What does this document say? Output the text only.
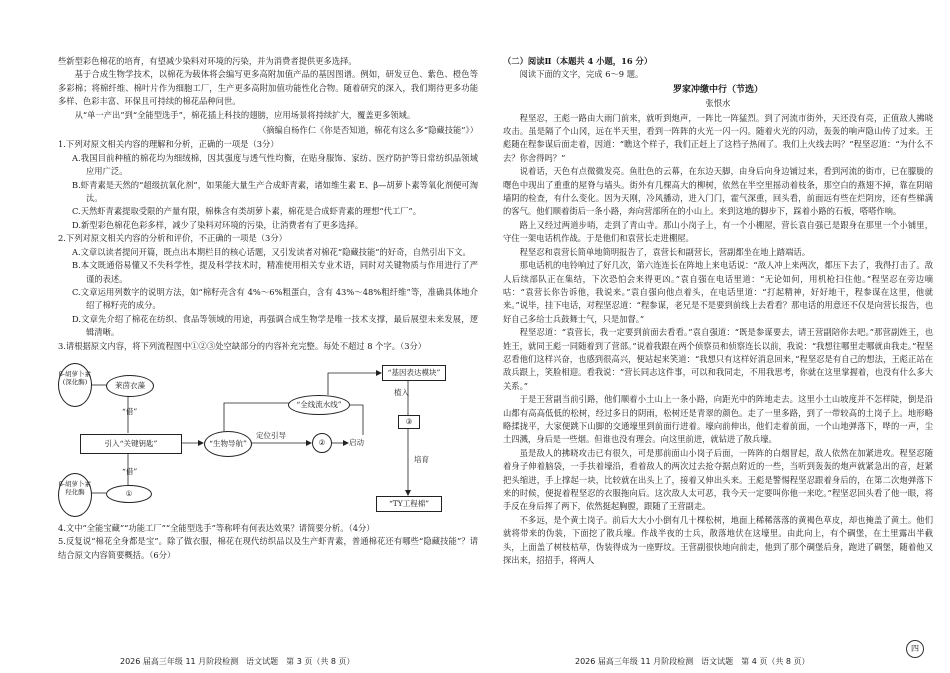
些新型彩色棉花的培育，有望减少染料对环境的污染，并为消费者提供更多选择。

基于合成生物学技术，以棉花为载体将会编写更多高附加值产品的基因图谱。例如，研发豆色、紫色、橙色等多彩棉；将棉纤维、棉叶片作为细胞工厂，生产更多高附加值功能性化合物。随着研究的深入，我们期待更多功能多样、色彩丰富、环保且可持续的棉花品种问世。

从“单一产出”到“全能型选手”，棉花插上科技的翅膀，应用场景将持续扩大，覆盖更多领域。

（摘编自杨作仁《你是否知道，棉花有这么多“隐藏技能”》）

1.下列对原文相关内容的理解和分析，正确的一项是（3分）

A.我国目前种植的棉花均为细绒棉，因其强度与透气性均衡，在贴身服饰、家纺、医疗防护等日常纺织品领域应用广泛。

B.虾青素是天然的“超级抗氧化剂”，如果能大量生产合成虾青素，诸如维生素 E、β—胡萝卜素等氧化剂便可淘汰。

C.天然虾青素提取受限的产量有限，棉株含有类胡萝卜素，棉花是合成虾青素的理想“代工厂”。

D.新型彩色棉花色彩多样，减少了染料对环境的污染，让消费者有了更多选择。

2.下列对原文相关内容的分析和评价，不正确的一项是（3分）

A.文章以读者提问开篇，既点出本期栏目的核心话题，又引发读者对棉花“隐藏技能”的好奇，自然引出下文。

B.本文既通俗易懂又不失科学性，提及科学技术时，精准使用相关专业术语，同时对关键物质与作用进行了严谨的表述。

C.文章运用列数字的说明方法，如“棉籽壳含有 4%～6%粗蛋白，含有 43%～48%粗纤维”等，准确具体地介绍了棉籽壳的成分。

D.文章先介绍了棉花在纺织、食品等领域的用途，再强调合成生物学是唯一技术支撑，最后展望未来发展，逻辑清晰。

3.请根据原文内容，将下列流程图中①②③处空缺部分的内容补充完整。每处不超过 8 个字。（3分）

β-胡萝卜素(深化酶)	莱茵衣藻
“借”
引入“关键钥匙”	“生物导航”
定位引导
②	启动
“全线流水线”
“基因表达模块”
植入
③
培育
“TY工程棉”
“借”
①
β-胡萝卜素羟化酶

4.文中“全能宝藏”“功能工厂”“全能型选手”等称呼有何表达效果？请简要分析。（4分）

5.反复说“棉花全身都是宝”。除了做衣服，棉花在现代纺织品以及生产虾青素，普通棉花还有哪些“隐藏技能”？请结合原文内容简要概括。（6分）

（二）阅读Ⅱ（本题共 4 小题，16 分）

阅读下面的文字，完成 6～9 题。

罗家冲缴中行（节选）

张恨水

程坚忍，王彪一路由大雨门前来，就听到炮声，一阵比一阵猛烈。到了河流市街外，天还没有亮，正值敌人拂晓攻击。虽是隔了个山冈，远在半天里，看到一阵阵的火光一闪一闪。随着火光的闪动，轰轰的响声隐山传了过来。王彪随在程参谋后面走着，因道：“瞧这个样子，我们正赶上了这档子热闹了。我们上火线去吗？”程坚忍道：“为什么不去？你舍得吗？”

说着话，天色有点微微发亮。鱼肚色的云幕，在东边天脚，由身后向身边铺过来，看到河流的街市，已在朦胧的曙色中现出了重重的屋脊与墙头。街外有几棵高大的柳树，依然在半空里摇动着枝条，那空白的燕翅不掉，靠在阴暗墙阴的检查，有什么变化。因为天刚，冷风播动，进入门门，霍气深重，回头看，前面远有些在烂阴房，还有些梯满的客气。他们顺着街后一条小路，奔向营部所在的小山上。来到这地的脚步下，踩着小路的石板，嗒嗒作响。

路上又经过两道步哨，走到了青山寺。那山小岗子上，有一个小棚屋，营长袁自强已是跟身在那里一个小铺里，守住一架电话机作战。于是他们和袁营长走进棚屋。

程坚忍和袁营长简单地简明报告了，袁营长和副营长，营副都坐在地上踏端话。

那电话机的电铃响过了好几次，第六连连长在阵地上来电话说：“敌人冲上来两次，都压下去了，我得打击了。敌人后续部队正在集结，下次恐怕会来得更凶。”袁自强在电话里道：“无论如何，用机枪扫住他。”程坚忍在旁边嘀咕：“袁营长你告诉他，我说来。”袁自强向他点着头，在电话里道：“打起精神，好好地干，程参谋在这里，他就来。”说毕，挂下电话，对程坚忍道：“程参谋，老兄是不是要到前线上去看看？那电话的用意还不仅是向营长报告，也好自己多给士兵鼓舞士气，只是加督。”

程坚忍道：“袁营长，我一定要到前面去看看。”袁自强道：“既是参谋要去，请王营副陪你去吧。”那营副姓王，也姓王，就同王彪一同随着到了营部。”说着我跟在两个侦察员和侦察连长以前，我说：“我想往哪里走哪就由我走。”程坚忍看他们这样兴奋，也感到很高兴，便站起来笑道：“我想只有这样好消息回来，”程坚忍是有自己的想法，王彪正站在敌兵跟上，笑脸相迎。看我说：“营长同志这件事，可以和我同走，不用我思考，你就在这里掌握着，也没有什么多大关系。”

于是王营副当前引路，他们顺着小土山上一条小路，向距光中的阵地走去。这里小土山坡度并不怎样陡，倒是沿山都有高高低低的松树，经过多日的阴雨，松树还是青翠的颜色。走了一里多路，到了一带较高的土岗子上。地形略略揉拢平，大家便跳下山脚的交通壕里到前面行进着。壕向前伸出，他们走着前面，一个山地弹落下，哗的一声，尘土四溅，身后是一些烟。但谁也没有理会。向这里前进，就钻进了散兵壕。

虽是敌人的拂晓攻击已有很久，可是那前面山小岗子后面，一阵阵的白烟冒起，敌人依然在加紧进攻。程坚忍随着身子伸着脑袋，一手扶着壕沿，看着敌人的两次过去抢夺据点附近的一些，当听到轰轰的炮声就紧急出的音，赶紧把头缩进，手上撑起一块，比较就在出头上了，接着又伸出头来。王彪是警惕程坚忍跟着身后的，在第二次炮弹落下来的时候，便捉着程坚忍的衣服拖向后。这次敌人太可恶，我今天一定要叫你他一来吃。”程坚忍回头看了他一眼，将手反在身后挥了两下，依然挺起胸膛，跟随了王营副走。

不多远，是个黄土岗子。前后大大小小倒有几十棵松树，地面上稀稀落落的黄褐色草皮，却也掩盖了黄土。他们就将带来的伪装，下面挖了散兵壕。作战半夜的士兵，散落地伏在这壕里。由此向上，有个碉堡，在土里露出半截头，上面盖了树枝枯草，伪装得成为一座野坟。王营副很快地向前走，他到了那个碉堡后身，跑进了碉堡，随着他又探出来，招招手，将两人

2026 届高三年级 11 月阶段检测　语文试题　第 3 页（共 8 页）	2026 届高三年级 11 月阶段检测　语文试题　第 4 页（共 8 页）
四
